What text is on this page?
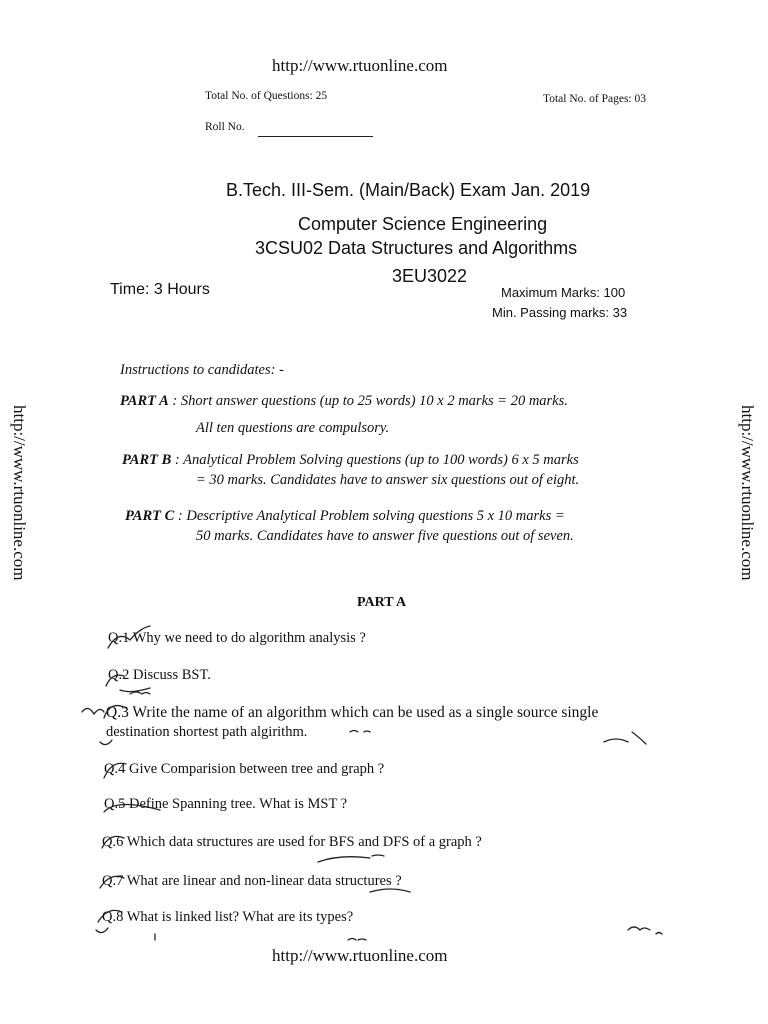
http://www.rtuonline.com
http://www.rtuonline.com
http://www.rtuonline.com	http://www.rtuonline.com
Total No. of Questions: 25	Total No. of Pages: 03
Roll No.
B.Tech. III-Sem. (Main/Back) Exam Jan. 2019
Computer Science Engineering
3CSU02 Data Structures and Algorithms
3EU3022
Time: 3 Hours	Maximum Marks: 100
Min. Passing marks: 33
Instructions to candidates: -
PART A : Short answer questions (up to 25 words) 10 x 2 marks = 20 marks.
All ten questions are compulsory.
PART B : Analytical Problem Solving questions (up to 100 words) 6 x 5 marks
= 30 marks. Candidates have to answer six questions out of eight.
PART C : Descriptive Analytical Problem solving questions 5 x 10 marks =
50 marks. Candidates have to answer five questions out of seven.
PART A
Q.1 Why we need to do algorithm analysis ?
Q.2 Discuss BST.
Q.3 Write the name of an algorithm which can be used as a single source single
destination shortest path algirithm.
Q.4 Give Comparision between tree and graph ?
Q.5 Define Spanning tree. What is MST ?
Q.6 Which data structures are used for BFS and DFS of a graph ?
Q.7 What are linear and non-linear data structures ?
Q.8 What is linked list? What are its types?
